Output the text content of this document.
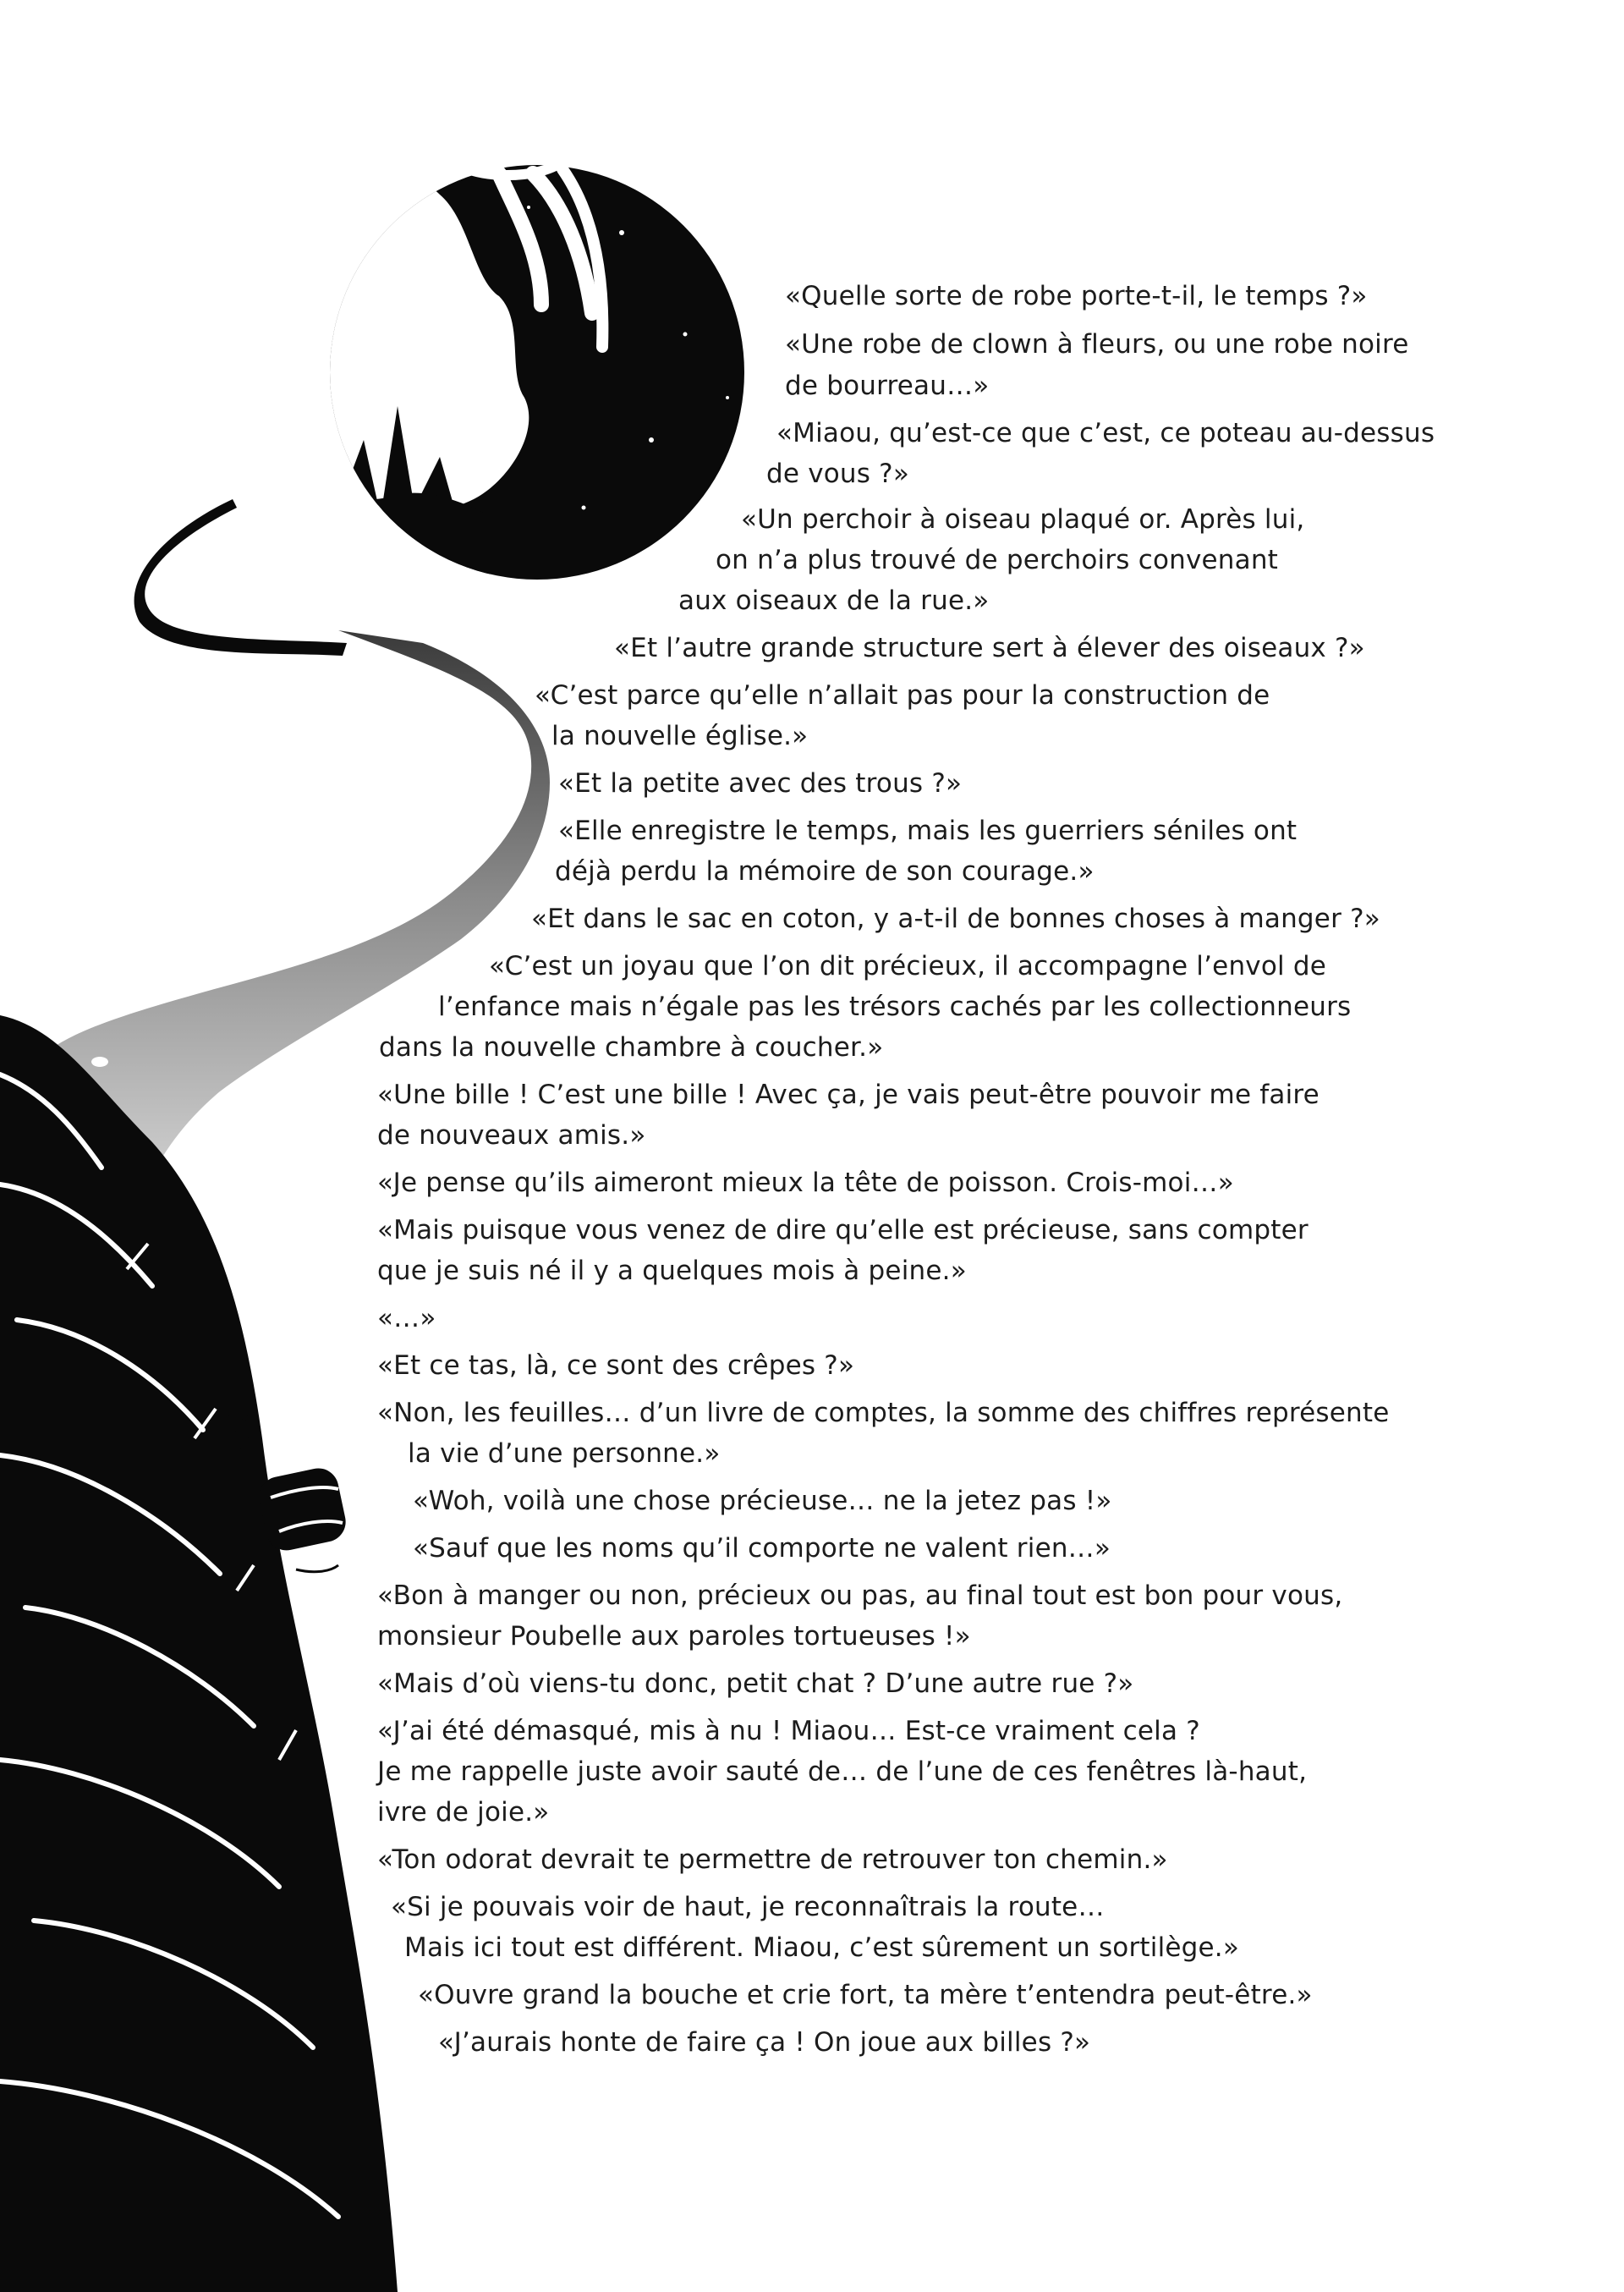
«Quelle sorte de robe porte-t-il, le temps ?»
«Une robe de clown à fleurs, ou une robe noire
de bourreau…»
«Miaou, qu’est-ce que c’est, ce poteau au-dessus
de vous ?»
«Un perchoir à oiseau plaqué or. Après lui,
on n’a plus trouvé de perchoirs convenant
aux oiseaux de la rue.»
«Et l’autre grande structure sert à élever des oiseaux ?»
«C’est parce qu’elle n’allait pas pour la construction de
la nouvelle église.»
«Et la petite avec des trous ?»
«Elle enregistre le temps, mais les guerriers séniles ont
déjà perdu la mémoire de son courage.»
«Et dans le sac en coton, y a-t-il de bonnes choses à manger ?»
«C’est un joyau que l’on dit précieux, il accompagne l’envol de
l’enfance mais n’égale pas les trésors cachés par les collectionneurs
dans la nouvelle chambre à coucher.»
«Une bille ! C’est une bille ! Avec ça, je vais peut-être pouvoir me faire
de nouveaux amis.»
«Je pense qu’ils aimeront mieux la tête de poisson. Crois-moi…»
«Mais puisque vous venez de dire qu’elle est précieuse, sans compter
que je suis né il y a quelques mois à peine.»
«…»
«Et ce tas, là, ce sont des crêpes ?»
«Non, les feuilles… d’un livre de comptes, la somme des chiffres représente
la vie d’une personne.»
«Woh, voilà une chose précieuse… ne la jetez pas !»
«Sauf que les noms qu’il comporte ne valent rien…»
«Bon à manger ou non, précieux ou pas, au final tout est bon pour vous,
monsieur Poubelle aux paroles tortueuses !»
«Mais d’où viens-tu donc, petit chat ? D’une autre rue ?»
«J’ai été démasqué, mis à nu ! Miaou… Est-ce vraiment cela ?
Je me rappelle juste avoir sauté de… de l’une de ces fenêtres là-haut,
ivre de joie.»
«Ton odorat devrait te permettre de retrouver ton chemin.»
«Si je pouvais voir de haut, je reconnaîtrais la route…
Mais ici tout est différent. Miaou, c’est sûrement un sortilège.»
«Ouvre grand la bouche et crie fort, ta mère t’entendra peut-être.»
«J’aurais honte de faire ça ! On joue aux billes ?»
